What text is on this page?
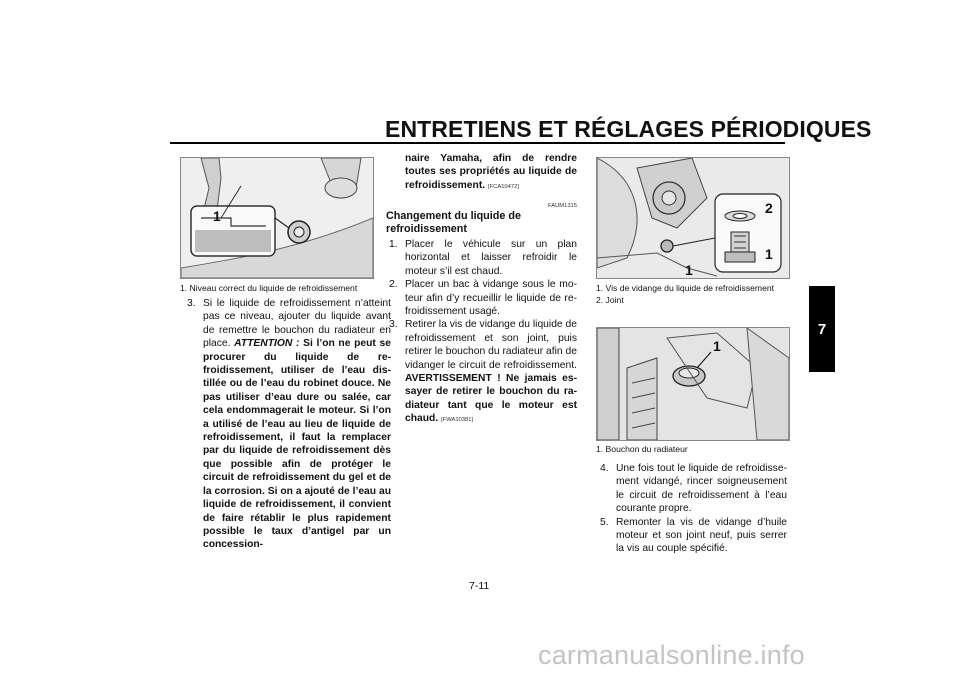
ENTRETIENS ET RÉGLAGES PÉRIODIQUES
7
1
1. Niveau correct du liquide de refroidissement
3. Si le liquide de refroidissement n’atteint pas ce niveau, ajouter du liquide avant de remettre le bouchon du radiateur en place. ATTENTION : Si l’on ne peut se procurer du liquide de refroidissement, utiliser de l’eau distillée ou de l’eau du robinet douce. Ne pas utiliser d’eau dure ou salée, car cela endommagerait le moteur. Si l’on a utilisé de l’eau au lieu de liquide de refroidissement, il faut la remplacer par du liquide de refroidissement dès que possible afin de protéger le circuit de refroidissement du gel et de la corrosion. Si on a ajouté de l’eau au liquide de refroidissement, il convient de faire rétablir le plus rapidement possible le taux d’antigel par un concession-
naire Yamaha, afin de rendre toutes ses propriétés au liquide de refroidissement. [FCA10472]
FAUM1315
Changement du liquide de refroidissement
1. Placer le véhicule sur un plan horizontal et laisser refroidir le moteur s’il est chaud.
2. Placer un bac à vidange sous le moteur afin d’y recueillir le liquide de refroidissement usagé.
3. Retirer la vis de vidange du liquide de refroidissement et son joint, puis retirer le bouchon du radiateur afin de vidanger le circuit de refroidissement. AVERTISSEMENT ! Ne jamais essayer de retirer le bouchon du radiateur tant que le moteur est chaud. [FWA10381]
2
1
1
1. Vis de vidange du liquide de refroidissement
2. Joint
1
1. Bouchon du radiateur
4. Une fois tout le liquide de refroidissement vidangé, rincer soigneusement le circuit de refroidissement à l’eau courante propre.
5. Remonter la vis de vidange d’huile moteur et son joint neuf, puis serrer la vis au couple spécifié.
7-11
carmanualsonline.info
